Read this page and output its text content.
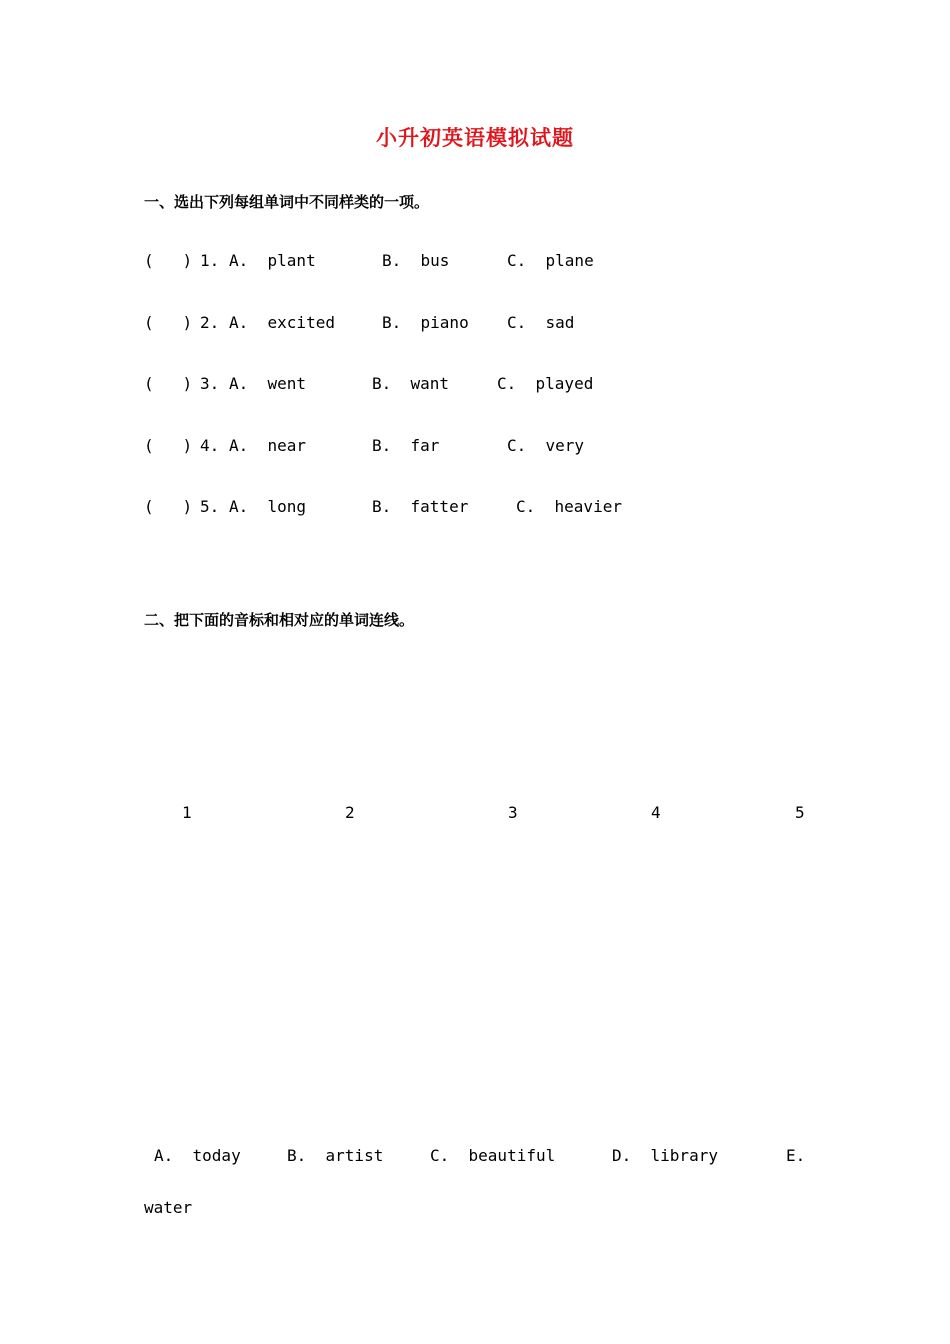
小升初英语模拟试题
一、选出下列每组单词中不同样类的一项。
(   ) 1. A.  plant	B.  bus	C.  plane
(   ) 2. A.  excited	B.  piano C.  sad
(   ) 3. A.  went	B.  want	C.  played
(   ) 4. A.  near	B.  far	C.  very
(   ) 5. A.  long	B.  fatter	C.  heavier
二、把下面的音标和相对应的单词连线。
1	2	3	4	5
A.  today	B.  artist	C.  beautiful	D.  library	E.
water
